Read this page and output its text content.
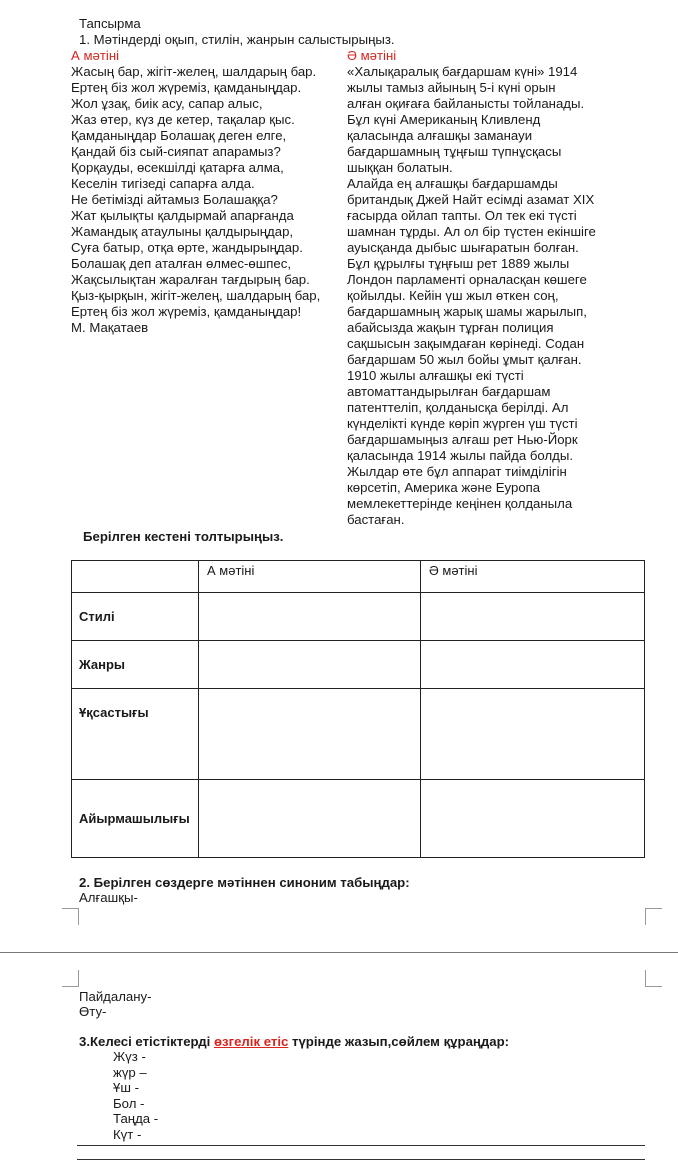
Тапсырма
1. Мәтіндерді оқып, стилін, жанрын салыстырыңыз.
А мәтіні
Жасың бар, жігіт-желең, шалдарың бар.
Ертең біз жол жүреміз, қамданыңдар.
Жол ұзақ, биік асу, сапар алыс,
Жаз өтер, күз де кетер, тақалар қыс.
Қамданыңдар Болашақ деген елге,
Қандай біз сый-сияпат апарамыз?
Қорқауды, өсекшілді қатарға алма,
Кеселін тигізеді сапарға алда.
Не бетімізді айтамыз Болашаққа?
Жат қылықты қалдырмай апарғанда
Жамандық атаулыны қалдырыңдар,
Суға батыр, отқа өрте, жандырыңдар.
Болашақ деп аталған өлмес-өшпес,
Жақсылықтан жаралған тағдырың бар.
Қыз-қырқын, жігіт-желең, шалдарың бар,
Ертең біз жол жүреміз, қамданыңдар!
М. Мақатаев
Ә мәтіні
«Халықаралық бағдаршам күні» 1914
жылы тамыз айының 5-і күні орын
алған оқиғаға байланысты тойланады.
Бұл күні Американың Кливленд
қаласында алғашқы заманауи
бағдаршамның тұңғыш түпнұсқасы
шыққан болатын.
Алайда ең алғашқы бағдаршамды
британдық Джей Найт есімді азамат XIX
ғасырда ойлап тапты. Ол тек екі түсті
шамнан тұрды. Ал ол бір түстен екіншіге
ауысқанда дыбыс шығаратын болған.
Бұл құрылғы тұңғыш рет 1889 жылы
Лондон парламенті орналасқан көшеге
қойылды. Кейін үш жыл өткен соң,
бағдаршамның жарық шамы жарылып,
абайсызда жақын тұрған полиция
сақшысын зақымдаған көрінеді. Содан
бағдаршам 50 жыл бойы ұмыт қалған.
1910 жылы алғашқы екі түсті
автоматтандырылған бағдаршам
патенттеліп, қолданысқа берілді. Ал
күнделікті күнде көріп жүрген үш түсті
бағдаршамыңыз алғаш рет Нью-Йорк
қаласында 1914 жылы пайда болды.
Жылдар өте бұл аппарат тиімділігін
көрсетіп, Америка және Еуропа
мемлекеттерінде кеңінен қолданыла
бастаған.
Берілген кестені толтырыңыз.
	А мәтіні	Ә мәтіні
Стилі		
Жанры		
Ұқсастығы		
Айырмашылығы		
2. Берілген сөздерге мәтіннен синоним табыңдар:
Алғашқы-
Пайдалану-
Өту-
3.Келесі етістіктерді өзгелік етіс түрінде жазып,сөйлем құраңдар:
Жүз -
жүр –
Ұш -
Бол -
Таңда -
Күт -
